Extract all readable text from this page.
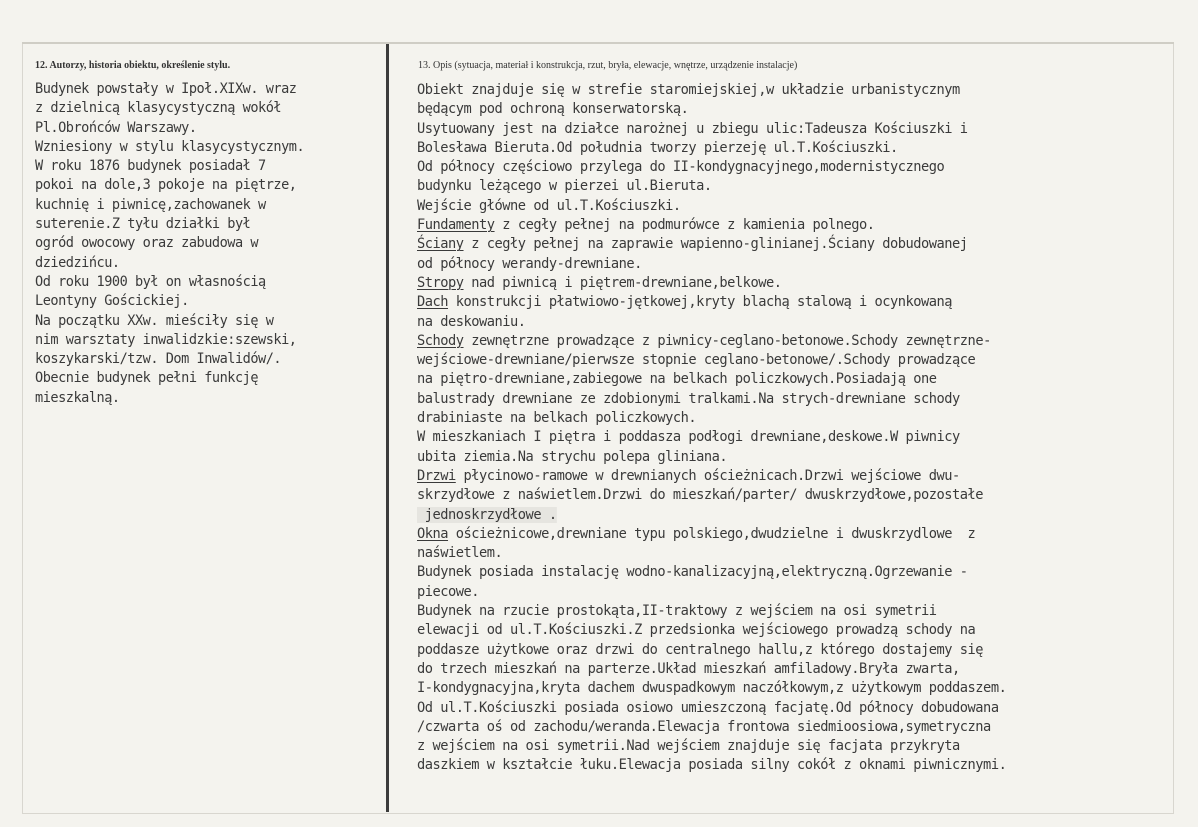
12. Autorzy, historia obiektu, określenie stylu.	13. Opis (sytuacja, materiał i konstrukcja, rzut, bryła, elewacje, wnętrze, urządzenie instalacje)
Budynek powstały w Ipoł.XIXw. wraz
z dzielnicą klasycystyczną wokół
Pl.Obrońców Warszawy.
Wzniesiony w stylu klasycystycznym.
W roku 1876 budynek posiadał 7
pokoi na dole,3 pokoje na piętrze,
kuchnię i piwnicę,zachowanek w
suterenie.Z tyłu działki był
ogród owocowy oraz zabudowa w
dziedzińcu.
Od roku 1900 był on własnością
Leontyny Gościckiej.
Na początku XXw. mieściły się w
nim warsztaty inwalidzkie:szewski,
koszykarski/tzw. Dom Inwalidów/.
Obecnie budynek pełni funkcję
mieszkalną.
Obiekt znajduje się w strefie staromiejskiej,w układzie urbanistycznym
będącym pod ochroną konserwatorską.
Usytuowany jest na działce narożnej u zbiegu ulic:Tadeusza Kościuszki i
Bolesława Bieruta.Od południa tworzy pierzeję ul.T.Kościuszki.
Od północy częściowo przylega do II-kondygnacyjnego,modernistycznego
budynku leżącego w pierzei ul.Bieruta.
Wejście główne od ul.T.Kościuszki.
Fundamenty z cegły pełnej na podmurówce z kamienia polnego.
Ściany z cegły pełnej na zaprawie wapienno-glinianej.Ściany dobudowanej
od północy werandy-drewniane.
Stropy nad piwnicą i piętrem-drewniane,belkowe.
Dach konstrukcji płatwiowo-jętkowej,kryty blachą stalową i ocynkowaną
na deskowaniu.
Schody zewnętrzne prowadzące z piwnicy-ceglano-betonowe.Schody zewnętrzne-
wejściowe-drewniane/pierwsze stopnie ceglano-betonowe/.Schody prowadzące
na piętro-drewniane,zabiegowe na belkach policzkowych.Posiadają one
balustrady drewniane ze zdobionymi tralkami.Na strych-drewniane schody
drabiniaste na belkach policzkowych.
W mieszkaniach I piętra i poddasza podłogi drewniane,deskowe.W piwnicy
ubita ziemia.Na strychu polepa gliniana.
Drzwi płycinowo-ramowe w drewnianych ościeżnicach.Drzwi wejściowe dwu-
skrzydłowe z naświetlem.Drzwi do mieszkań/parter/ dwuskrzydłowe,pozostałe
jednoskrzydłowe .
Okna ościeżnicowe,drewniane typu polskiego,dwudzielne i dwuskrzydlowe  z
naświetlem.
Budynek posiada instalację wodno-kanalizacyjną,elektryczną.Ogrzewanie -
piecowe.
Budynek na rzucie prostokąta,II-traktowy z wejściem na osi symetrii
elewacji od ul.T.Kościuszki.Z przedsionka wejściowego prowadzą schody na
poddasze użytkowe oraz drzwi do centralnego hallu,z którego dostajemy się
do trzech mieszkań na parterze.Układ mieszkań amfiladowy.Bryła zwarta,
I-kondygnacyjna,kryta dachem dwuspadkowym naczółkowym,z użytkowym poddaszem.
Od ul.T.Kościuszki posiada osiowo umieszczoną facjatę.Od północy dobudowana
/czwarta oś od zachodu/weranda.Elewacja frontowa siedmioosiowa,symetryczna
z wejściem na osi symetrii.Nad wejściem znajduje się facjata przykryta
daszkiem w kształcie łuku.Elewacja posiada silny cokół z oknami piwnicznymi.
